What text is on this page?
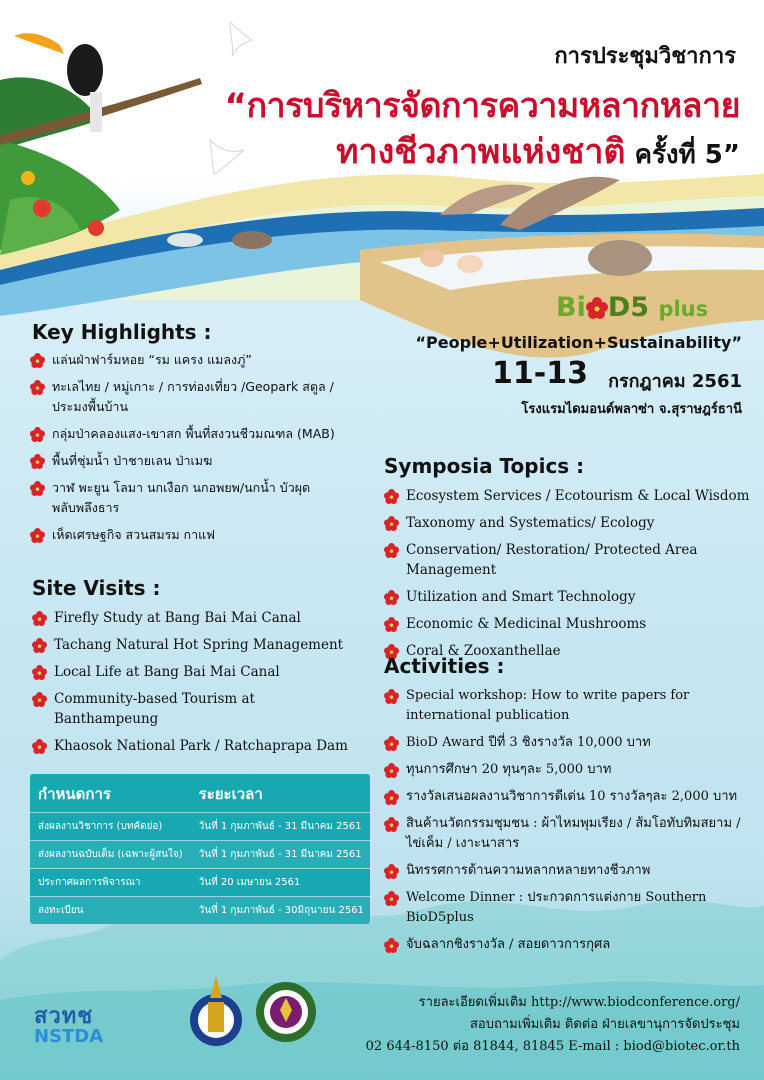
การประชุมวิชาการ
“การบริหารจัดการความหลากหลาย
ทางชีวภาพแห่งชาติ ครั้งที่ 5”
Bi D5 plus
“People+Utilization+Sustainability”
11-13 กรกฎาคม 2561
โรงแรมไดมอนด์พลาซ่า จ.สุราษฎร์ธานี
Key Highlights :
แล่นฝ่าฟาร์มหอย “รม แครง แมลงภู่”
ทะเลไทย / หมู่เกาะ / การท่องเที่ยว /Geopark สตูล / ประมงพื้นบ้าน
กลุ่มป่าคลองแสง-เขาสก พื้นที่สงวนชีวมณฑล (MAB)
พื้นที่ชุ่มน้ำ ป่าชายเลน ป่าเมฆ
วาฬ พะยูน โลมา นกเงือก นกอพยพ/นกน้ำ บัวผุด พลับพลึงธาร
เห็ดเศรษฐกิจ สวนสมรม กาแฟ
Site Visits :
Firefly Study at Bang Bai Mai Canal
Tachang Natural Hot Spring Management
Local Life at Bang Bai Mai Canal
Community-based Tourism at Banthampeung
Khaosok National Park / Ratchaprapa Dam
Symposia Topics :
Ecosystem Services / Ecotourism & Local Wisdom
Taxonomy and Systematics/ Ecology
Conservation/ Restoration/ Protected Area Management
Utilization and Smart Technology
Economic & Medicinal Mushrooms
Coral & Zooxanthellae
Activities :
Special workshop: How to write papers for international publication
BioD Award ปีที่ 3 ชิงรางวัล 10,000 บาท
ทุนการศึกษา 20 ทุนๆละ 5,000 บาท
รางวัลเสนอผลงานวิชาการดีเด่น 10 รางวัลๆละ 2,000 บาท
สินค้านวัตกรรมชุมชน : ผ้าไหมพุมเรียง / ส้มโอทับทิมสยาม / ไข่เค็ม / เงาะนาสาร
นิทรรศการด้านความหลากหลายทางชีวภาพ
Welcome Dinner : ประกวดการแต่งกาย Southern BioD5plus
จับฉลากชิงรางวัล / สอยดาวการกุศล
กำหนดการ	ระยะเวลา
ส่งผลงานวิชาการ (บทคัดย่อ)	วันที่ 1 กุมภาพันธ์ - 31 มีนาคม 2561
ส่งผลงานฉบับเต็ม (เฉพาะผู้สนใจ)	วันที่ 1 กุมภาพันธ์ - 31 มีนาคม 2561
ประกาศผลการพิจารณา	วันที่ 20 เมษายน 2561
ลงทะเบียน	วันที่ 1 กุมภาพันธ์ - 30มิถุนายน 2561
สวทช
NSTDA
รายละเอียดเพิ่มเติม http://www.biodconference.org/
สอบถามเพิ่มเติม ติดต่อ ฝ่ายเลขานุการจัดประชุม
02 644-8150 ต่อ 81844, 81845 E-mail : biod@biotec.or.th
